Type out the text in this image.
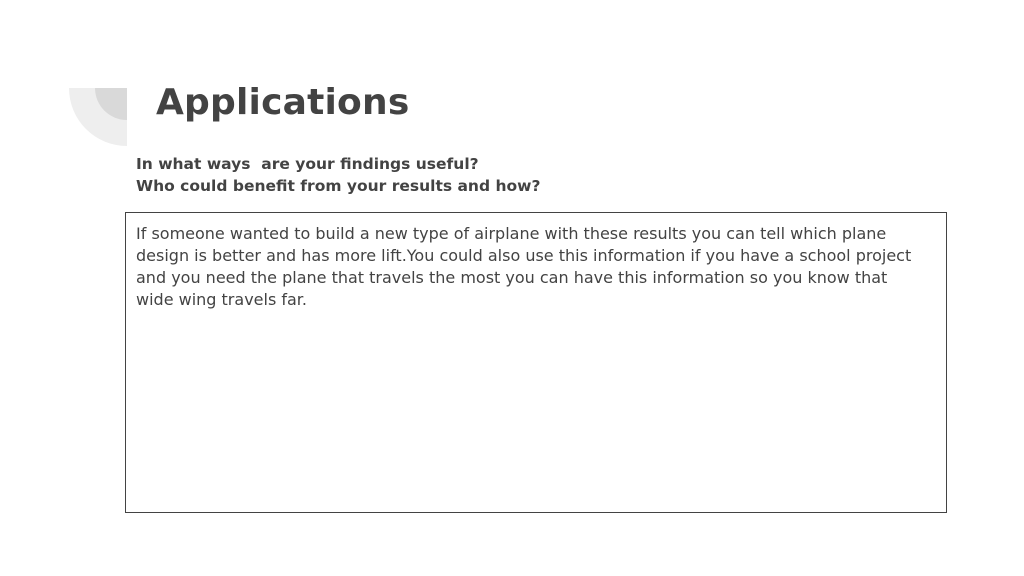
Applications
In what ways  are your findings useful?
Who could benefit from your results and how?

If someone wanted to build a new type of airplane with these results you can tell which plane
design is better and has more lift.You could also use this information if you have a school project
and you need the plane that travels the most you can have this information so you know that
wide wing travels far.
